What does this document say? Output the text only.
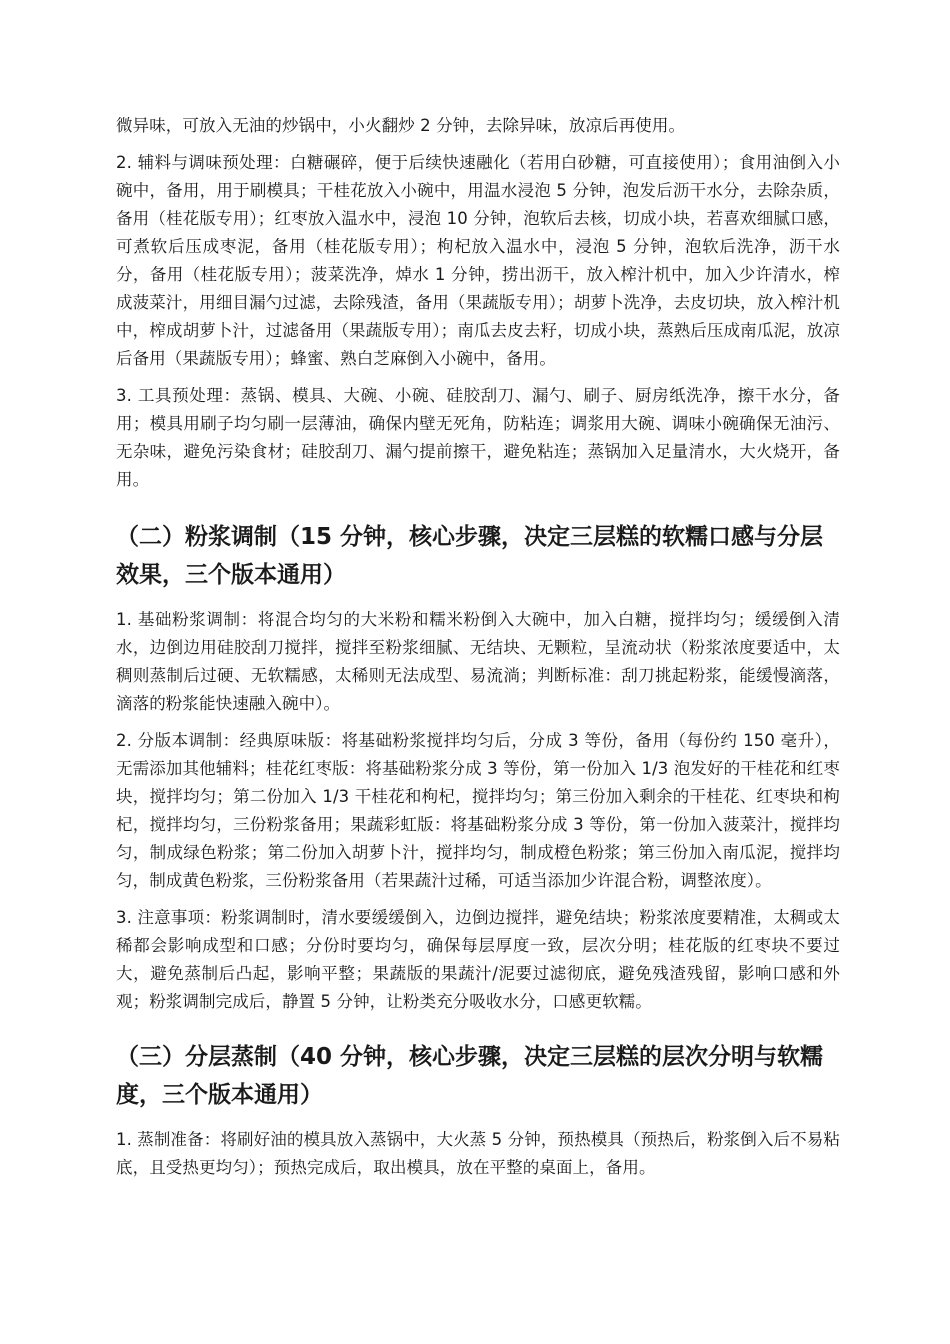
微异味，可放入无油的炒锅中，小火翻炒 2 分钟，去除异味，放凉后再使用。

2. 辅料与调味预处理：白糖碾碎，便于后续快速融化（若用白砂糖，可直接使用）；食用油倒入小碗中，备用，用于刷模具；干桂花放入小碗中，用温水浸泡 5 分钟，泡发后沥干水分，去除杂质，备用（桂花版专用）；红枣放入温水中，浸泡 10 分钟，泡软后去核，切成小块，若喜欢细腻口感，可煮软后压成枣泥，备用（桂花版专用）；枸杞放入温水中，浸泡 5 分钟，泡软后洗净，沥干水分，备用（桂花版专用）；菠菜洗净，焯水 1 分钟，捞出沥干，放入榨汁机中，加入少许清水，榨成菠菜汁，用细目漏勺过滤，去除残渣，备用（果蔬版专用）；胡萝卜洗净，去皮切块，放入榨汁机中，榨成胡萝卜汁，过滤备用（果蔬版专用）；南瓜去皮去籽，切成小块，蒸熟后压成南瓜泥，放凉后备用（果蔬版专用）；蜂蜜、熟白芝麻倒入小碗中，备用。

3. 工具预处理：蒸锅、模具、大碗、小碗、硅胶刮刀、漏勺、刷子、厨房纸洗净，擦干水分，备用；模具用刷子均匀刷一层薄油，确保内壁无死角，防粘连；调浆用大碗、调味小碗确保无油污、无杂味，避免污染食材；硅胶刮刀、漏勺提前擦干，避免粘连；蒸锅加入足量清水，大火烧开，备用。

（二）粉浆调制（15 分钟，核心步骤，决定三层糕的软糯口感与分层效果，三个版本通用）

1. 基础粉浆调制：将混合均匀的大米粉和糯米粉倒入大碗中，加入白糖，搅拌均匀；缓缓倒入清水，边倒边用硅胶刮刀搅拌，搅拌至粉浆细腻、无结块、无颗粒，呈流动状（粉浆浓度要适中，太稠则蒸制后过硬、无软糯感，太稀则无法成型、易流淌；判断标准：刮刀挑起粉浆，能缓慢滴落，滴落的粉浆能快速融入碗中）。

2. 分版本调制：经典原味版：将基础粉浆搅拌均匀后，分成 3 等份，备用（每份约 150 毫升），无需添加其他辅料；桂花红枣版：将基础粉浆分成 3 等份，第一份加入 1/3 泡发好的干桂花和红枣块，搅拌均匀；第二份加入 1/3 干桂花和枸杞，搅拌均匀；第三份加入剩余的干桂花、红枣块和枸杞，搅拌均匀，三份粉浆备用；果蔬彩虹版：将基础粉浆分成 3 等份，第一份加入菠菜汁，搅拌均匀，制成绿色粉浆；第二份加入胡萝卜汁，搅拌均匀，制成橙色粉浆；第三份加入南瓜泥，搅拌均匀，制成黄色粉浆，三份粉浆备用（若果蔬汁过稀，可适当添加少许混合粉，调整浓度）。

3. 注意事项：粉浆调制时，清水要缓缓倒入，边倒边搅拌，避免结块；粉浆浓度要精准，太稠或太稀都会影响成型和口感；分份时要均匀，确保每层厚度一致，层次分明；桂花版的红枣块不要过大，避免蒸制后凸起，影响平整；果蔬版的果蔬汁/泥要过滤彻底，避免残渣残留，影响口感和外观；粉浆调制完成后，静置 5 分钟，让粉类充分吸收水分，口感更软糯。

（三）分层蒸制（40 分钟，核心步骤，决定三层糕的层次分明与软糯度，三个版本通用）

1. 蒸制准备：将刷好油的模具放入蒸锅中，大火蒸 5 分钟，预热模具（预热后，粉浆倒入后不易粘底，且受热更均匀）；预热完成后，取出模具，放在平整的桌面上，备用。
